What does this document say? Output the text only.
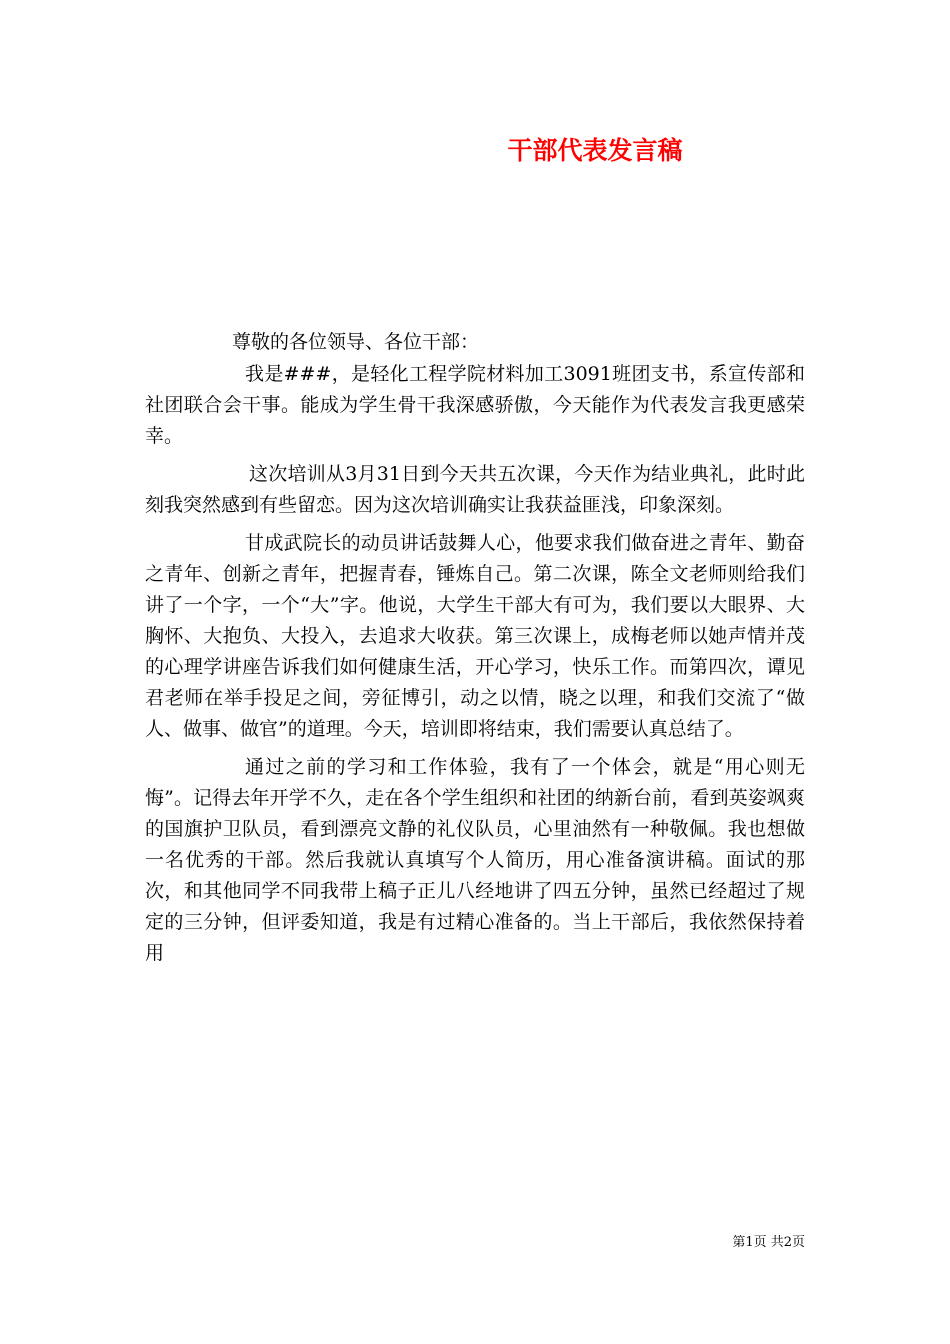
干部代表发言稿
尊敬的各位领导、各位干部：

我是###，是轻化工程学院材料加工3091班团支书，系宣传部和社团联合会干事。能成为学生骨干我深感骄傲，今天能作为代表发言我更感荣幸。

这次培训从3月31日到今天共五次课，今天作为结业典礼，此时此刻我突然感到有些留恋。因为这次培训确实让我获益匪浅，印象深刻。

甘成武院长的动员讲话鼓舞人心，他要求我们做奋进之青年、勤奋之青年、创新之青年，把握青春，锤炼自己。第二次课，陈全文老师则给我们讲了一个字，一个“大”字。他说，大学生干部大有可为，我们要以大眼界、大胸怀、大抱负、大投入，去追求大收获。第三次课上，成梅老师以她声情并茂的心理学讲座告诉我们如何健康生活，开心学习，快乐工作。而第四次，谭见君老师在举手投足之间，旁征博引，动之以情，晓之以理，和我们交流了“做人、做事、做官”的道理。今天，培训即将结束，我们需要认真总结了。

通过之前的学习和工作体验，我有了一个体会，就是“用心则无悔”。记得去年开学不久，走在各个学生组织和社团的纳新台前，看到英姿飒爽的国旗护卫队员，看到漂亮文静的礼仪队员，心里油然有一种敬佩。我也想做一名优秀的干部。然后我就认真填写个人简历，用心准备演讲稿。面试的那次，和其他同学不同我带上稿子正儿八经地讲了四五分钟，虽然已经超过了规定的三分钟，但评委知道，我是有过精心准备的。当上干部后，我依然保持着用

第1页 共2页
